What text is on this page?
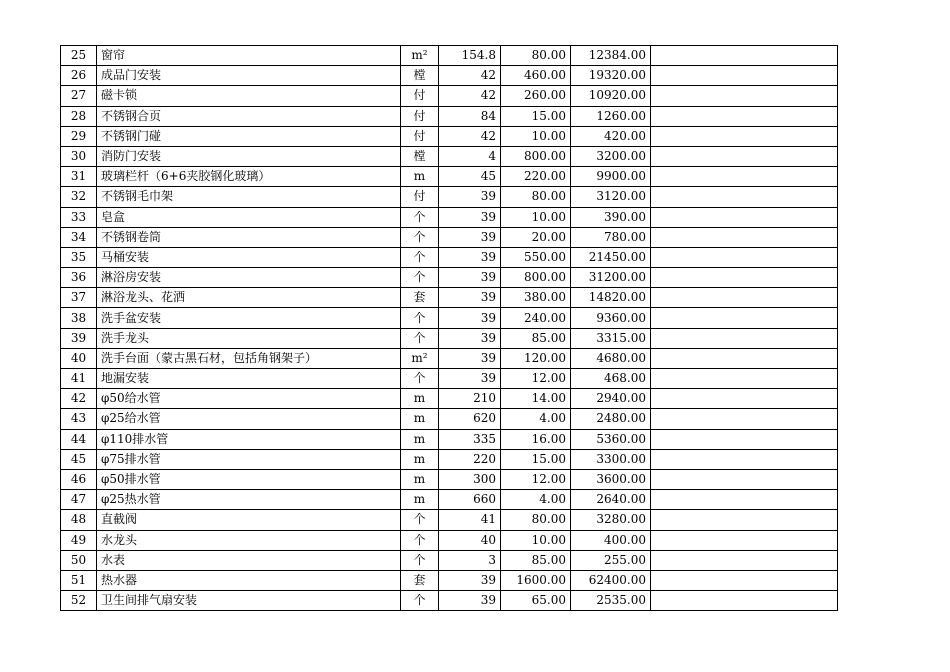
25	窗帘	m²	154.8	80.00	12384.00	
26	成品门安装	樘	42	460.00	19320.00	
27	磁卡锁	付	42	260.00	10920.00	
28	不锈钢合页	付	84	15.00	1260.00	
29	不锈钢门碰	付	42	10.00	420.00	
30	消防门安装	樘	4	800.00	3200.00	
31	玻璃栏杆（6+6夹胶钢化玻璃）	m	45	220.00	9900.00	
32	不锈钢毛巾架	付	39	80.00	3120.00	
33	皂盒	个	39	10.00	390.00	
34	不锈钢卷筒	个	39	20.00	780.00	
35	马桶安装	个	39	550.00	21450.00	
36	淋浴房安装	个	39	800.00	31200.00	
37	淋浴龙头、花洒	套	39	380.00	14820.00	
38	洗手盆安装	个	39	240.00	9360.00	
39	洗手龙头	个	39	85.00	3315.00	
40	洗手台面（蒙古黑石材，包括角钢架子）	m²	39	120.00	4680.00	
41	地漏安装	个	39	12.00	468.00	
42	φ50给水管	m	210	14.00	2940.00	
43	φ25给水管	m	620	4.00	2480.00	
44	φ110排水管	m	335	16.00	5360.00	
45	φ75排水管	m	220	15.00	3300.00	
46	φ50排水管	m	300	12.00	3600.00	
47	φ25热水管	m	660	4.00	2640.00	
48	直截阀	个	41	80.00	3280.00	
49	水龙头	个	40	10.00	400.00	
50	水表	个	3	85.00	255.00	
51	热水器	套	39	1600.00	62400.00	
52	卫生间排气扇安装	个	39	65.00	2535.00	
